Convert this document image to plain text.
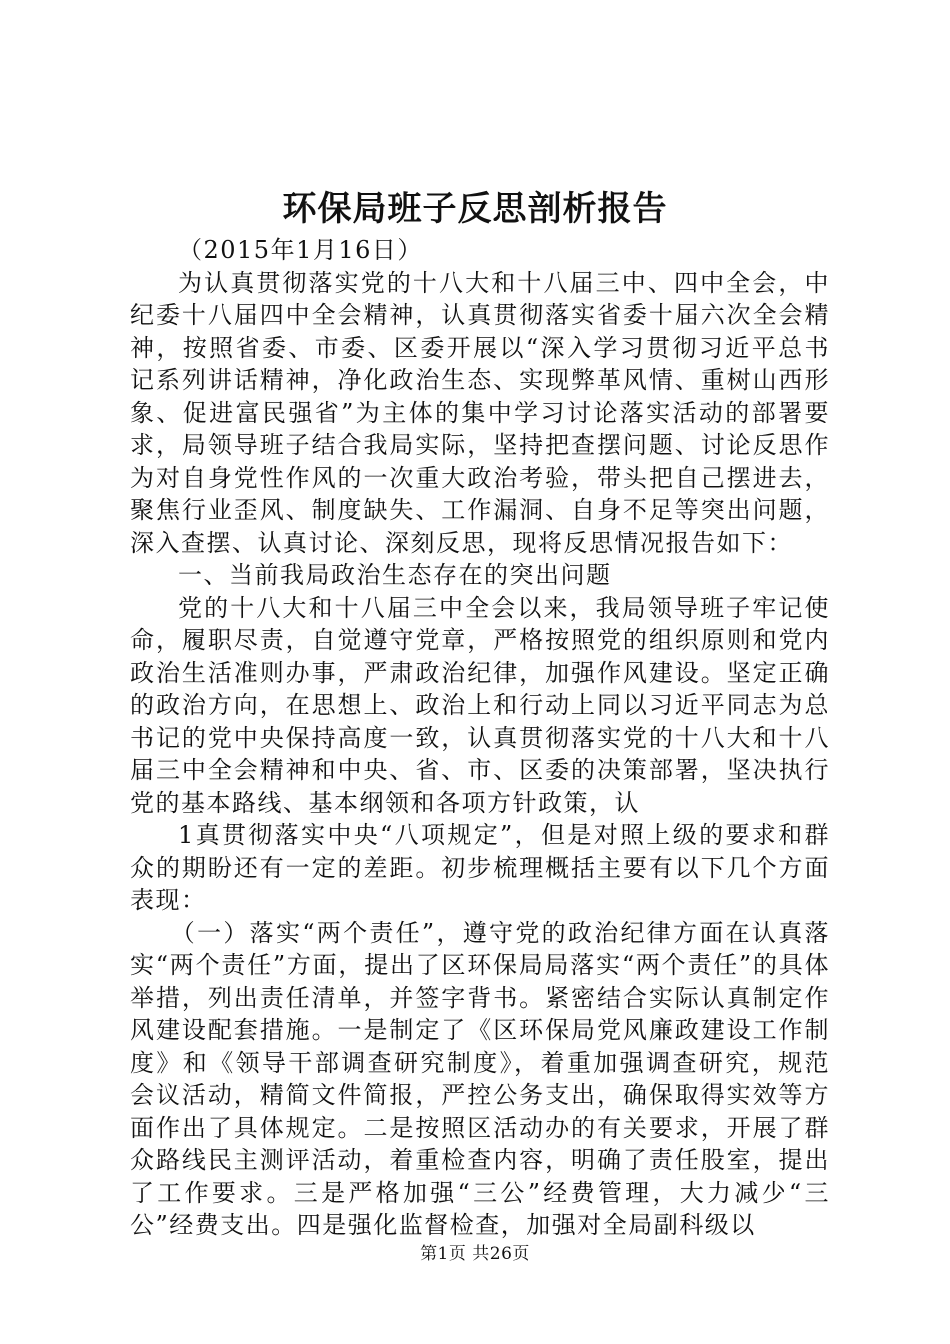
环保局班子反思剖析报告

（2015年1月16日）

为认真贯彻落实党的十八大和十八届三中、四中全会，中纪委十八届四中全会精神，认真贯彻落实省委十届六次全会精神，按照省委、市委、区委开展以“深入学习贯彻习近平总书记系列讲话精神，净化政治生态、实现弊革风情、重树山西形象、促进富民强省”为主体的集中学习讨论落实活动的部署要求，局领导班子结合我局实际，坚持把查摆问题、讨论反思作为对自身党性作风的一次重大政治考验，带头把自己摆进去，聚焦行业歪风、制度缺失、工作漏洞、自身不足等突出问题，深入查摆、认真讨论、深刻反思，现将反思情况报告如下：

一、当前我局政治生态存在的突出问题

党的十八大和十八届三中全会以来，我局领导班子牢记使命，履职尽责，自觉遵守党章，严格按照党的组织原则和党内政治生活准则办事，严肃政治纪律，加强作风建设。坚定正确的政治方向，在思想上、政治上和行动上同以习近平同志为总书记的党中央保持高度一致，认真贯彻落实党的十八大和十八届三中全会精神和中央、省、市、区委的决策部署，坚决执行党的基本路线、基本纲领和各项方针政策，认

1真贯彻落实中央“八项规定”，但是对照上级的要求和群众的期盼还有一定的差距。初步梳理概括主要有以下几个方面表现：

（一）落实“两个责任”，遵守党的政治纪律方面在认真落实“两个责任”方面，提出了区环保局局落实“两个责任”的具体举措，列出责任清单，并签字背书。紧密结合实际认真制定作风建设配套措施。一是制定了《区环保局党风廉政建设工作制度》和《领导干部调查研究制度》，着重加强调查研究，规范会议活动，精简文件简报，严控公务支出，确保取得实效等方面作出了具体规定。二是按照区活动办的有关要求，开展了群众路线民主测评活动，着重检查内容，明确了责任股室，提出了工作要求。三是严格加强“三公”经费管理，大力减少“三公”经费支出。四是强化监督检查，加强对全局副科级以

第1页 共26页
